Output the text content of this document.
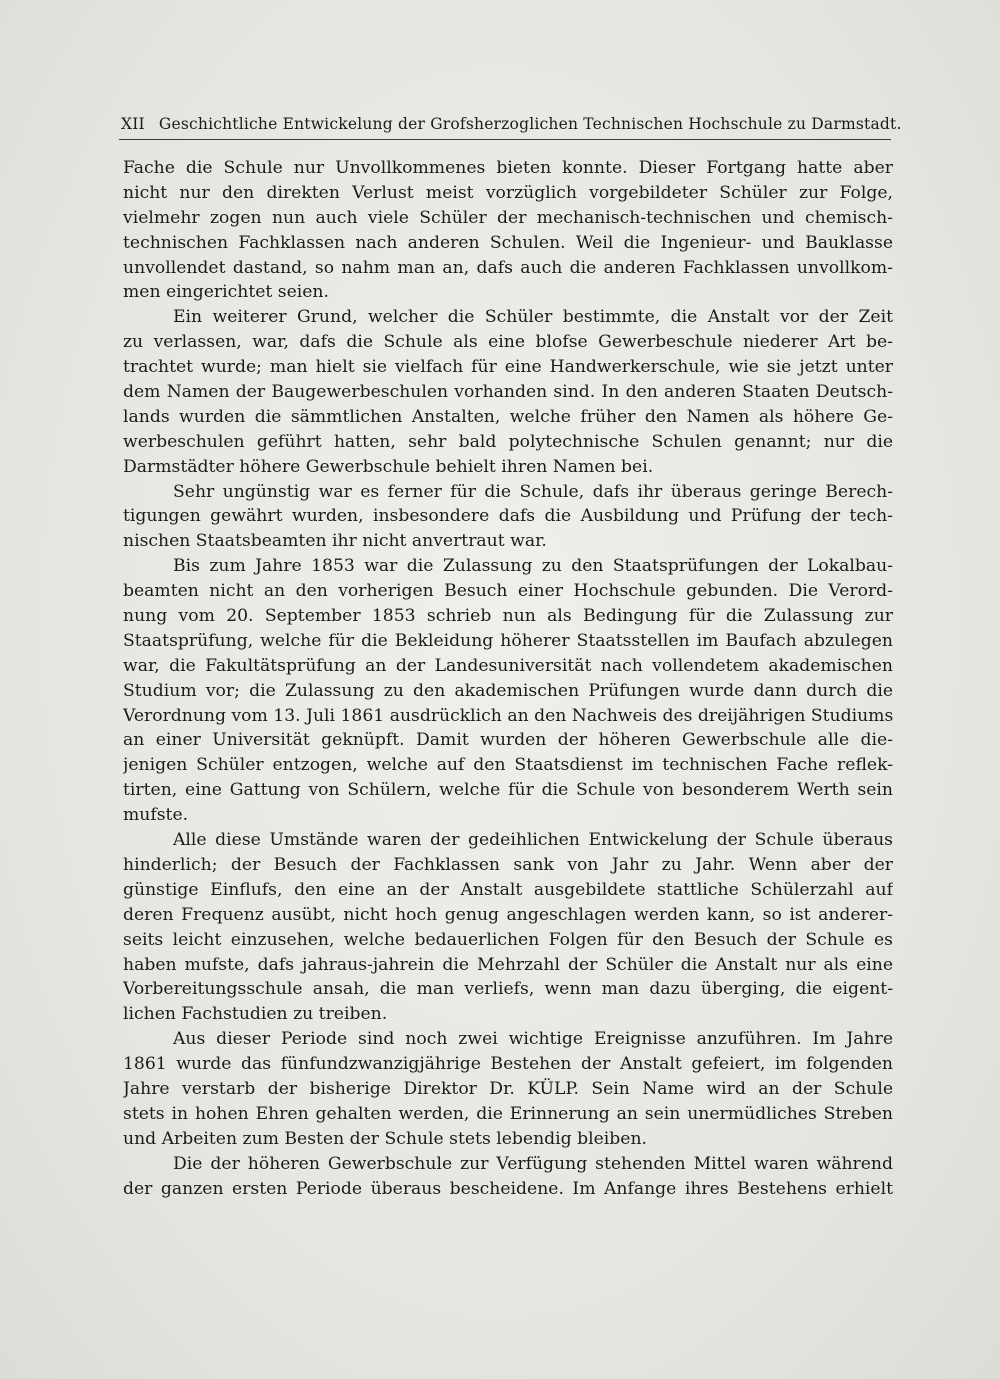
XII Geschichtliche Entwickelung der Grofsherzoglichen Technischen Hochschule zu Darmstadt.
Fache die Schule nur Unvollkommenes bieten konnte. Dieser Fortgang hatte aber
nicht nur den direkten Verlust meist vorzüglich vorgebildeter Schüler zur Folge,
vielmehr zogen nun auch viele Schüler der mechanisch-technischen und chemisch-
technischen Fachklassen nach anderen Schulen. Weil die Ingenieur- und Bauklasse
unvollendet dastand, so nahm man an, dafs auch die anderen Fachklassen unvollkom-
men eingerichtet seien.
Ein weiterer Grund, welcher die Schüler bestimmte, die Anstalt vor der Zeit
zu verlassen, war, dafs die Schule als eine blofse Gewerbeschule niederer Art be-
trachtet wurde; man hielt sie vielfach für eine Handwerkerschule, wie sie jetzt unter
dem Namen der Baugewerbeschulen vorhanden sind. In den anderen Staaten Deutsch-
lands wurden die sämmtlichen Anstalten, welche früher den Namen als höhere Ge-
werbeschulen geführt hatten, sehr bald polytechnische Schulen genannt; nur die
Darmstädter höhere Gewerbschule behielt ihren Namen bei.
Sehr ungünstig war es ferner für die Schule, dafs ihr überaus geringe Berech-
tigungen gewährt wurden, insbesondere dafs die Ausbildung und Prüfung der tech-
nischen Staatsbeamten ihr nicht anvertraut war.
Bis zum Jahre 1853 war die Zulassung zu den Staatsprüfungen der Lokalbau-
beamten nicht an den vorherigen Besuch einer Hochschule gebunden. Die Verord-
nung vom 20. September 1853 schrieb nun als Bedingung für die Zulassung zur
Staatsprüfung, welche für die Bekleidung höherer Staatsstellen im Baufach abzulegen
war, die Fakultätsprüfung an der Landesuniversität nach vollendetem akademischen
Studium vor; die Zulassung zu den akademischen Prüfungen wurde dann durch die
Verordnung vom 13. Juli 1861 ausdrücklich an den Nachweis des dreijährigen Studiums
an einer Universität geknüpft. Damit wurden der höheren Gewerbschule alle die-
jenigen Schüler entzogen, welche auf den Staatsdienst im technischen Fache reflek-
tirten, eine Gattung von Schülern, welche für die Schule von besonderem Werth sein
mufste.
Alle diese Umstände waren der gedeihlichen Entwickelung der Schule überaus
hinderlich; der Besuch der Fachklassen sank von Jahr zu Jahr. Wenn aber der
günstige Einflufs, den eine an der Anstalt ausgebildete stattliche Schülerzahl auf
deren Frequenz ausübt, nicht hoch genug angeschlagen werden kann, so ist anderer-
seits leicht einzusehen, welche bedauerlichen Folgen für den Besuch der Schule es
haben mufste, dafs jahraus-jahrein die Mehrzahl der Schüler die Anstalt nur als eine
Vorbereitungsschule ansah, die man verliefs, wenn man dazu überging, die eigent-
lichen Fachstudien zu treiben.
Aus dieser Periode sind noch zwei wichtige Ereignisse anzuführen. Im Jahre
1861 wurde das fünfundzwanzigjährige Bestehen der Anstalt gefeiert, im folgenden
Jahre verstarb der bisherige Direktor Dr. KÜLP. Sein Name wird an der Schule
stets in hohen Ehren gehalten werden, die Erinnerung an sein unermüdliches Streben
und Arbeiten zum Besten der Schule stets lebendig bleiben.
Die der höheren Gewerbschule zur Verfügung stehenden Mittel waren während
der ganzen ersten Periode überaus bescheidene. Im Anfange ihres Bestehens erhielt
